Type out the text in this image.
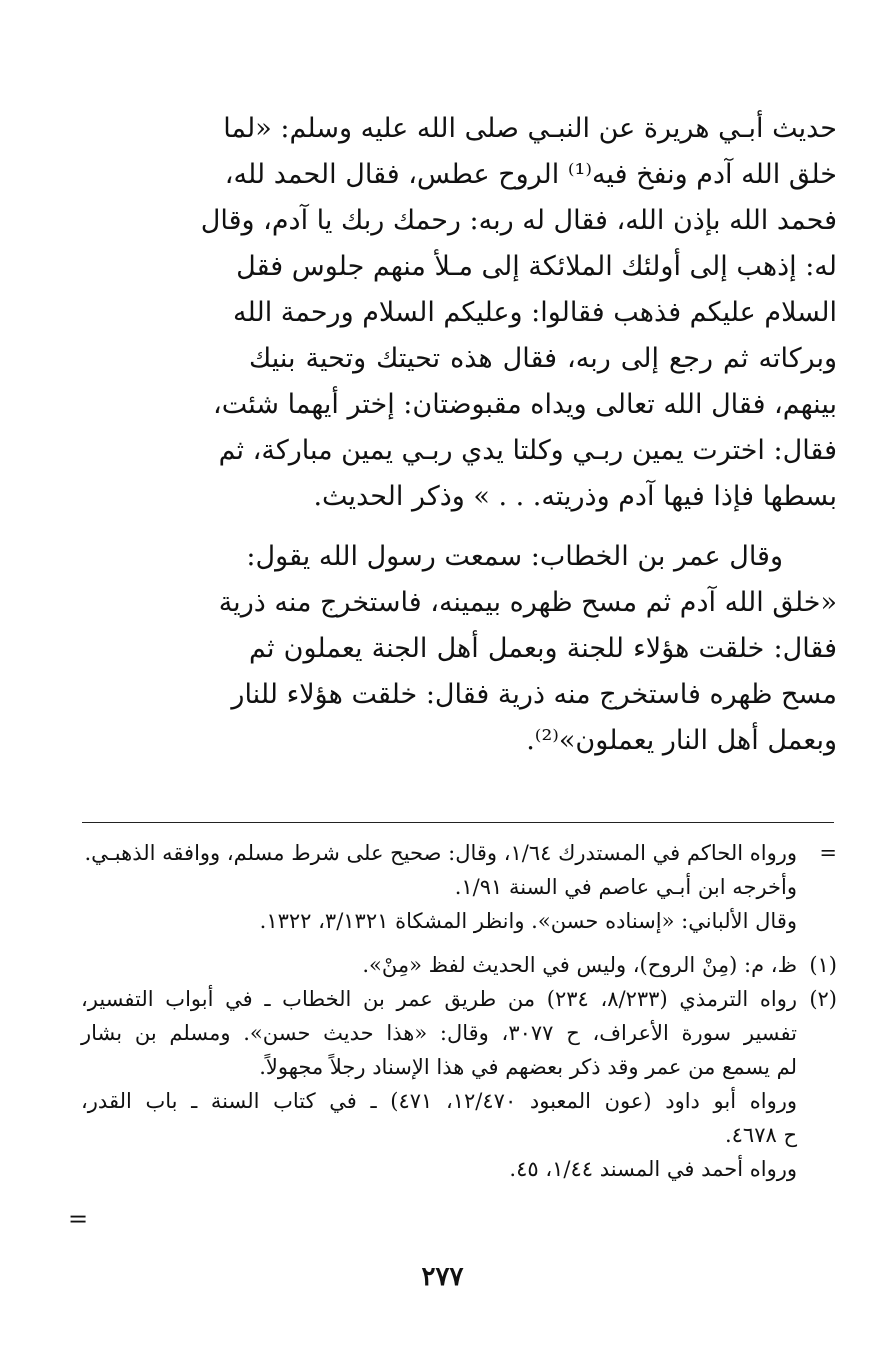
حديث أبـي هريرة عن النبـي صلى الله عليه وسلم: «لما
خلق الله آدم ونفخ فيه⁽¹⁾ الروح عطس، فقال الحمد لله،
فحمد الله بإذن الله، فقال له ربه: رحمك ربك يا آدم، وقال
له: إذهب إلى أولئك الملائكة إلى مـلأ منهم جلوس فقل
السلام عليكم فذهب فقالوا: وعليكم السلام ورحمة الله
وبركاته ثم رجع إلى ربه، فقال هذه تحيتك وتحية بنيك
بينهم، فقال الله تعالى ويداه مقبوضتان: إختر أيهما شئت،
فقال: اخترت يمين ربـي وكلتا يدي ربـي يمين مباركة، ثم
بسطها فإذا فيها آدم وذريته. . . » وذكر الحديث.
وقال عمر بن الخطاب: سمعت رسول الله يقول:
«خلق الله آدم ثم مسح ظهره بيمينه، فاستخرج منه ذرية
فقال: خلقت هؤلاء للجنة وبعمل أهل الجنة يعملون ثم
مسح ظهره فاستخرج منه ذرية فقال: خلقت هؤلاء للنار
وبعمل أهل النار يعملون»⁽²⁾.
=
ورواه الحاكم في المستدرك ١/٦٤، وقال: صحيح على شرط مسلم، ووافقه الذهبـي.
وأخرجه ابن أبـي عاصم في السنة ١/٩١.
وقال الألباني: «إسناده حسن». وانظر المشكاة ٣/١٣٢١، ١٣٢٢.
(١)
ظ، م: (مِنْ الروح)، وليس في الحديث لفظ «مِنْ».
(٢)
رواه الترمذي (٨/٢٣٣، ٢٣٤) من طريق عمر بن الخطاب ـ في أبواب التفسير،
تفسير سورة الأعراف، ح ٣٠٧٧، وقال: «هذا حديث حسن». ومسلم بن بشار
لم يسمع من عمر وقد ذكر بعضهم في هذا الإسناد رجلاً مجهولاً.
ورواه أبو داود (عون المعبود ١٢/٤٧٠، ٤٧١) ـ في كتاب السنة ـ باب القدر،
ح ٤٦٧٨.
ورواه أحمد في المسند ١/٤٤، ٤٥.
=
٢٧٧
